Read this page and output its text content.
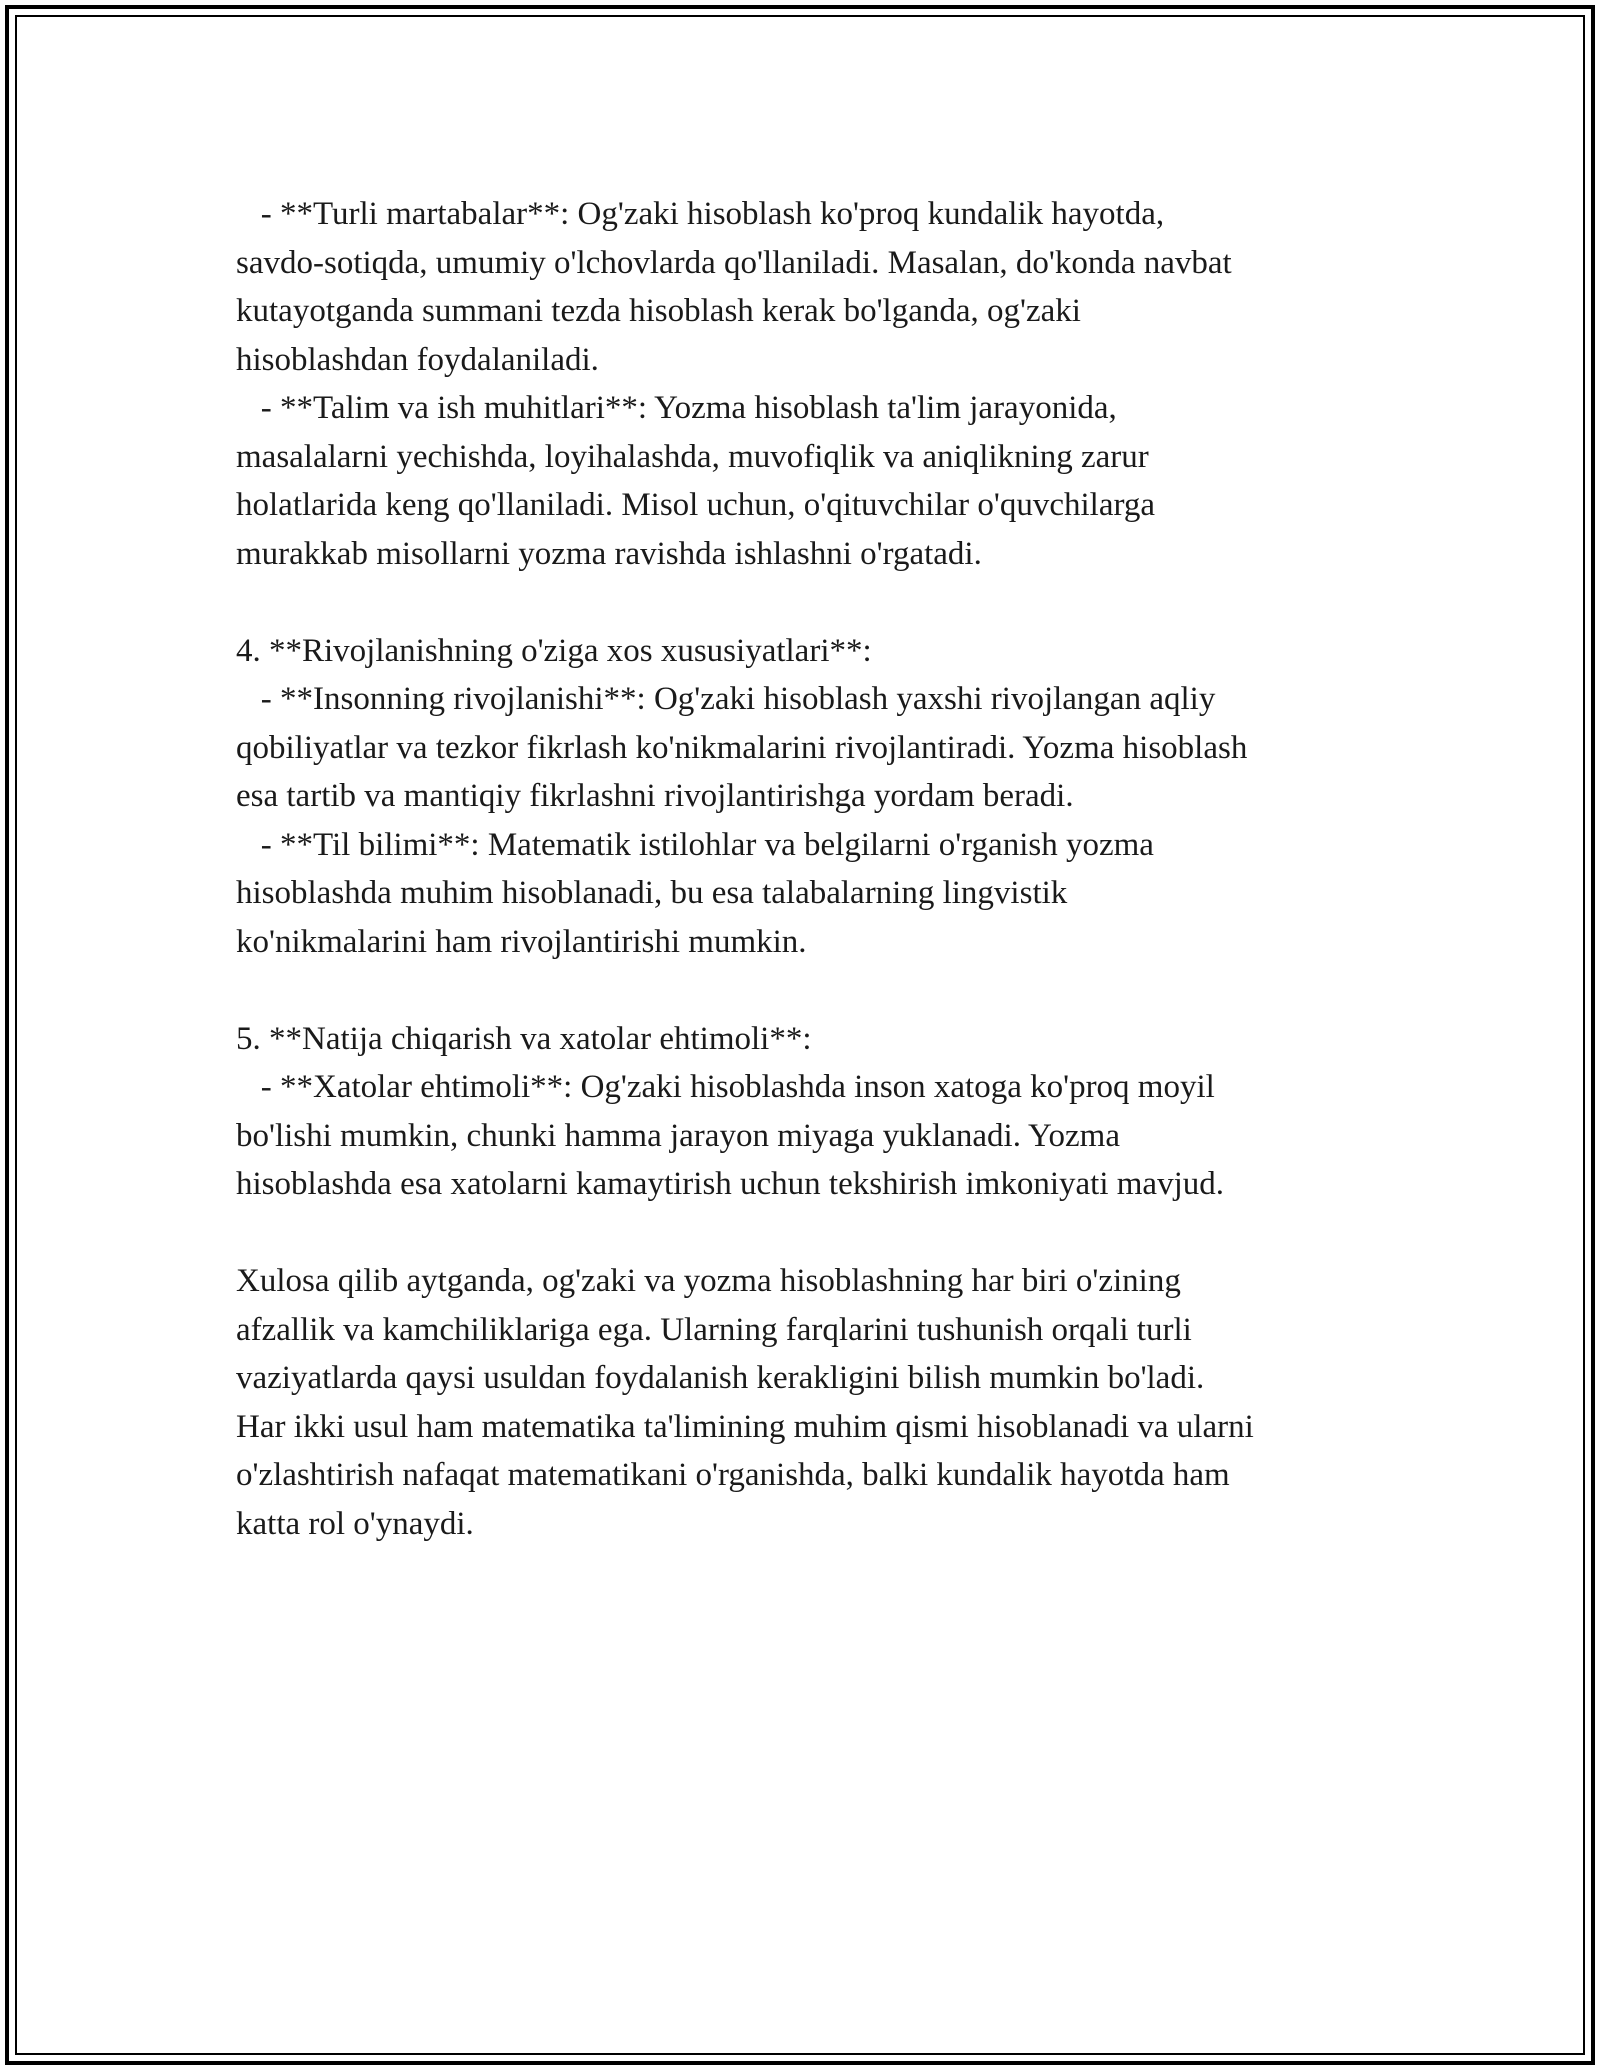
- **Turli martabalar**: Og'zaki hisoblash ko'proq kundalik hayotda,

savdo-sotiqda, umumiy o'lchovlarda qo'llaniladi. Masalan, do'konda navbat

kutayotganda summani tezda hisoblash kerak bo'lganda, og'zaki

hisoblashdan foydalaniladi.

- **Talim va ish muhitlari**: Yozma hisoblash ta'lim jarayonida,

masalalarni yechishda, loyihalashda, muvofiqlik va aniqlikning zarur

holatlarida keng qo'llaniladi. Misol uchun, o'qituvchilar o'quvchilarga

murakkab misollarni yozma ravishda ishlashni o'rgatadi.

4. **Rivojlanishning o'ziga xos xususiyatlari**:

- **Insonning rivojlanishi**: Og'zaki hisoblash yaxshi rivojlangan aqliy

qobiliyatlar va tezkor fikrlash ko'nikmalarini rivojlantiradi. Yozma hisoblash

esa tartib va mantiqiy fikrlashni rivojlantirishga yordam beradi.

- **Til bilimi**: Matematik istilohlar va belgilarni o'rganish yozma

hisoblashda muhim hisoblanadi, bu esa talabalarning lingvistik

ko'nikmalarini ham rivojlantirishi mumkin.

5. **Natija chiqarish va xatolar ehtimoli**:

- **Xatolar ehtimoli**: Og'zaki hisoblashda inson xatoga ko'proq moyil

bo'lishi mumkin, chunki hamma jarayon miyaga yuklanadi. Yozma

hisoblashda esa xatolarni kamaytirish uchun tekshirish imkoniyati mavjud.

Xulosa qilib aytganda, og'zaki va yozma hisoblashning har biri o'zining

afzallik va kamchiliklariga ega. Ularning farqlarini tushunish orqali turli

vaziyatlarda qaysi usuldan foydalanish kerakligini bilish mumkin bo'ladi.

Har ikki usul ham matematika ta'limining muhim qismi hisoblanadi va ularni

o'zlashtirish nafaqat matematikani o'rganishda, balki kundalik hayotda ham

katta rol o'ynaydi.
